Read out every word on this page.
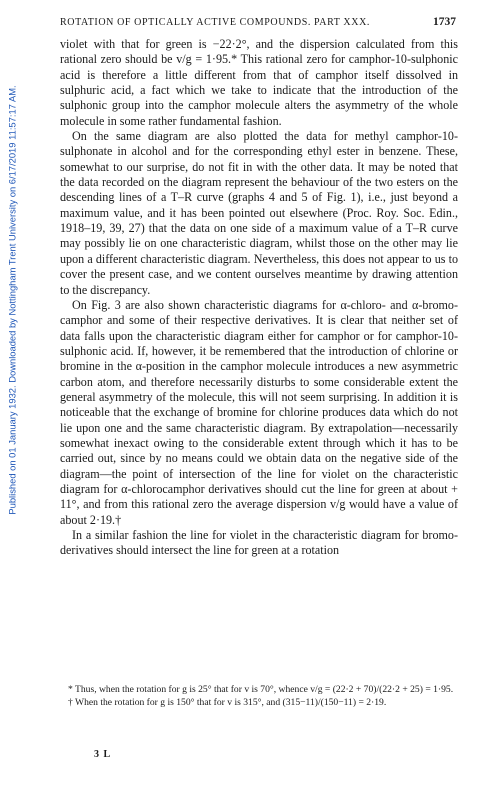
Published on 01 January 1932. Downloaded by Nottingham Trent University on 6/17/2019 11:57:17 AM.
ROTATION OF OPTICALLY ACTIVE COMPOUNDS. PART XXX.	1737

violet with that for green is −22·2°, and the dispersion calculated from this rational zero should be v/g = 1·95.* This rational zero for camphor-10-sulphonic acid is therefore a little different from that of camphor itself dissolved in sulphuric acid, a fact which we take to indicate that the introduction of the sulphonic group into the camphor molecule alters the asymmetry of the whole molecule in some rather fundamental fashion.

On the same diagram are also plotted the data for methyl camphor-10-sulphonate in alcohol and for the corresponding ethyl ester in benzene. These, somewhat to our surprise, do not fit in with the other data. It may be noted that the data recorded on the diagram represent the behaviour of the two esters on the descending lines of a T–R curve (graphs 4 and 5 of Fig. 1), i.e., just beyond a maximum value, and it has been pointed out elsewhere (Proc. Roy. Soc. Edin., 1918–19, 39, 27) that the data on one side of a maximum value of a T–R curve may possibly lie on one characteristic diagram, whilst those on the other may lie upon a different characteristic diagram. Nevertheless, this does not appear to us to cover the present case, and we content ourselves meantime by drawing attention to the discrepancy.

On Fig. 3 are also shown characteristic diagrams for α-chloro- and α-bromo-camphor and some of their respective derivatives. It is clear that neither set of data falls upon the characteristic diagram either for camphor or for camphor-10-sulphonic acid. If, however, it be remembered that the introduction of chlorine or bromine in the α-position in the camphor molecule introduces a new asymmetric carbon atom, and therefore necessarily disturbs to some considerable extent the general asymmetry of the molecule, this will not seem surprising. In addition it is noticeable that the exchange of bromine for chlorine produces data which do not lie upon one and the same characteristic diagram. By extrapolation—necessarily somewhat inexact owing to the considerable extent through which it has to be carried out, since by no means could we obtain data on the negative side of the diagram—the point of intersection of the line for violet on the characteristic diagram for α-chlorocamphor derivatives should cut the line for green at about + 11°, and from this rational zero the average dispersion v/g would have a value of about 2·19.†

In a similar fashion the line for violet in the characteristic diagram for bromo-derivatives should intersect the line for green at a rotation

* Thus, when the rotation for g is 25° that for v is 70°, whence v/g = (22·2 + 70)/(22·2 + 25) = 1·95.

† When the rotation for g is 150° that for v is 315°, and (315−11)/(150−11) = 2·19.

3 L
